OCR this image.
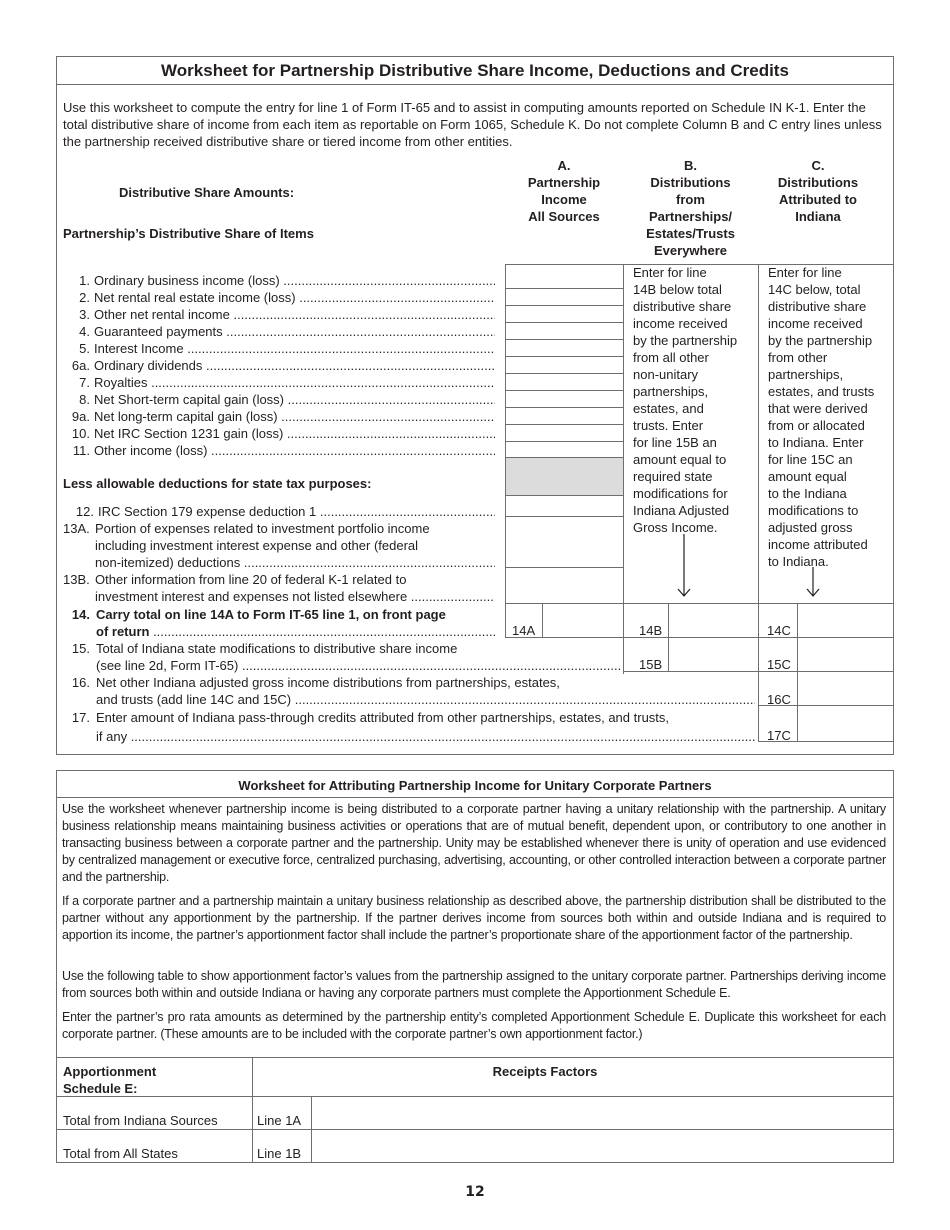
Worksheet for Partnership Distributive Share Income, Deductions and Credits
Use this worksheet to compute the entry for line 1 of Form IT-65 and to assist in computing amounts reported on Schedule IN K-1. Enter the total distributive share of income from each item as reportable on Form 1065, Schedule K. Do not complete Column B and C entry lines unless the partnership received distributive share or tiered income from other entities.
Distributive Share Amounts:
Partnership’s Distributive Share of Items
A.
Partnership
Income
All Sources
B.
Distributions
from
Partnerships/
Estates/Trusts
Everywhere
C.
Distributions
Attributed to
Indiana
1. Ordinary business income (loss) .....
2. Net rental real estate income (loss) .....
3. Other net rental income .....
4. Guaranteed payments .....
5. Interest Income .....
6a. Ordinary dividends .....
7. Royalties .....
8. Net Short-term capital gain (loss) .....
9a. Net long-term capital gain (loss) .....
10. Net IRC Section 1231 gain (loss) .....
11. Other income (loss) .....
Less allowable deductions for state tax purposes:
12. IRC Section 179 expense deduction 1 .....
13A. Portion of expenses related to investment portfolio income
including investment interest expense and other (federal
non-itemized) deductions .....
13B. Other information from line 20 of federal K-1 related to
investment interest and expenses not listed elsewhere .....
Enter for line
14B below total
distributive share
income received
by the partnership
from all other
non-unitary
partnerships,
estates, and
trusts. Enter
for line 15B an
amount equal to
required state
modifications for
Indiana Adjusted
Gross Income.
Enter for line
14C below, total
distributive share
income received
by the partnership
from other
partnerships,
estates, and trusts
that were derived
from or allocated
to Indiana. Enter
for line 15C an
amount equal
to the Indiana
modifications to
adjusted gross
income attributed
to Indiana.
14. Carry total on line 14A to Form IT-65 line 1, on front page
of return .....	14A	14B	14C
15. Total of Indiana state modifications to distributive share income
(see line 2d, Form IT-65) .....	15B	15C
16. Net other Indiana adjusted gross income distributions from partnerships, estates,
and trusts (add line 14C and 15C) .....	16C
17. Enter amount of Indiana pass-through credits attributed from other partnerships, estates, and trusts,
if any .....	17C
Worksheet for Attributing Partnership Income for Unitary Corporate Partners
Use the worksheet whenever partnership income is being distributed to a corporate partner having a unitary relationship with the partnership. A unitary business relationship means maintaining business activities or operations that are of mutual benefit, dependent upon, or contributory to one another in transacting business between a corporate partner and the partnership. Unity may be established whenever there is unity of operation and use evidenced by centralized management or executive force, centralized purchasing, advertising, accounting, or other controlled interaction between a corporate partner and the partnership.
If a corporate partner and a partnership maintain a unitary business relationship as described above, the partnership distribution shall be distributed to the partner without any apportionment by the partnership. If the partner derives income from sources both within and outside Indiana and is required to apportion its income, the partner’s apportionment factor shall include the partner’s proportionate share of the apportionment factor of the partnership.
Use the following table to show apportionment factor’s values from the partnership assigned to the unitary corporate partner. Partnerships deriving income from sources both within and outside Indiana or having any corporate partners must complete the Apportionment Schedule E.
Enter the partner’s pro rata amounts as determined by the partnership entity’s completed Apportionment Schedule E. Duplicate this worksheet for each corporate partner. (These amounts are to be included with the corporate partner’s own apportionment factor.)
Apportionment
Schedule E:
Receipts Factors
Total from Indiana Sources	Line 1A
Total from All States	Line 1B
12
